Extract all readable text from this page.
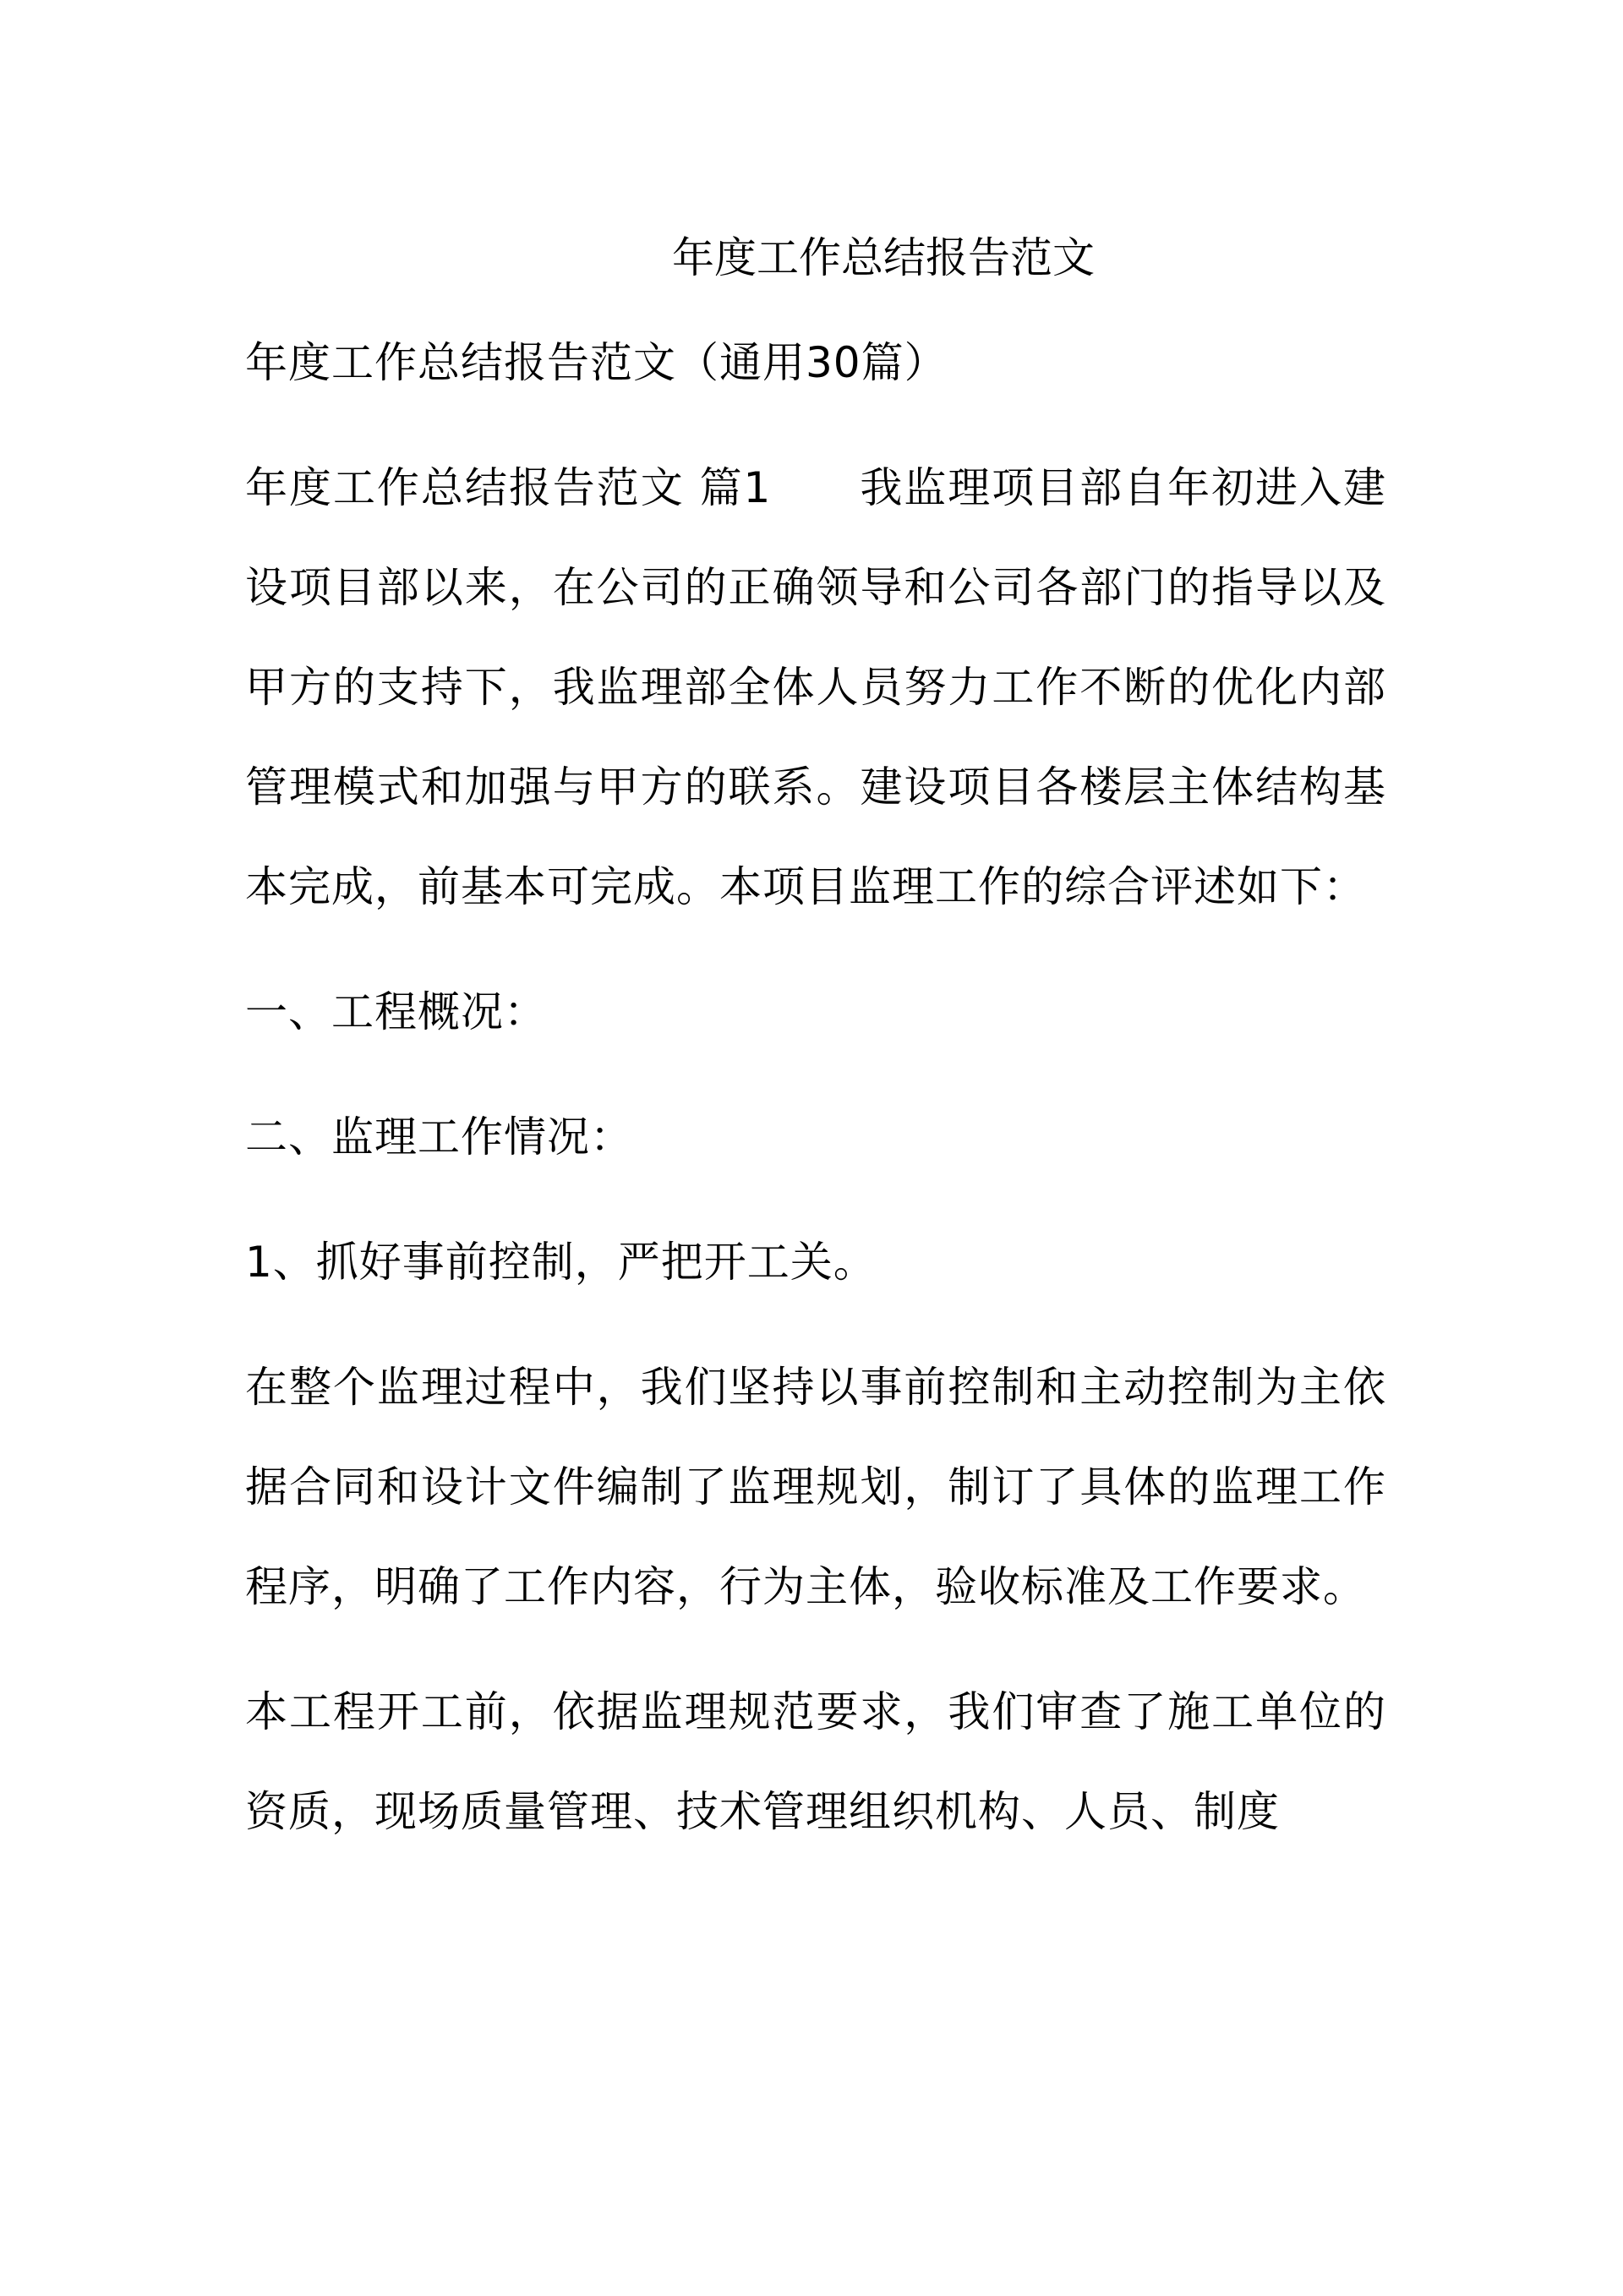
年度工作总结报告范文

年度工作总结报告范文（通用30篇）

年度工作总结报告范文 篇1 我监理项目部自年初进入建设项目部以来，在公司的正确领导和公司各部门的指导以及甲方的支持下，我监理部全体人员努力工作不断的优化内部管理模式和加强与甲方的联系。建设项目各楼层主体结构基本完成，前基本可完成。本项目监理工作的综合评述如下：

一、工程概况：

二、监理工作情况：

1、抓好事前控制，严把开工关。

在整个监理过程中，我们坚持以事前控制和主动控制为主依据合同和设计文件编制了监理规划，制订了具体的监理工作程序，明确了工作内容，行为主体，验收标准及工作要求。

本工程开工前，依据监理规范要求，我们审查了施工单位的资质，现场质量管理、技术管理组织机构、人员、制度
